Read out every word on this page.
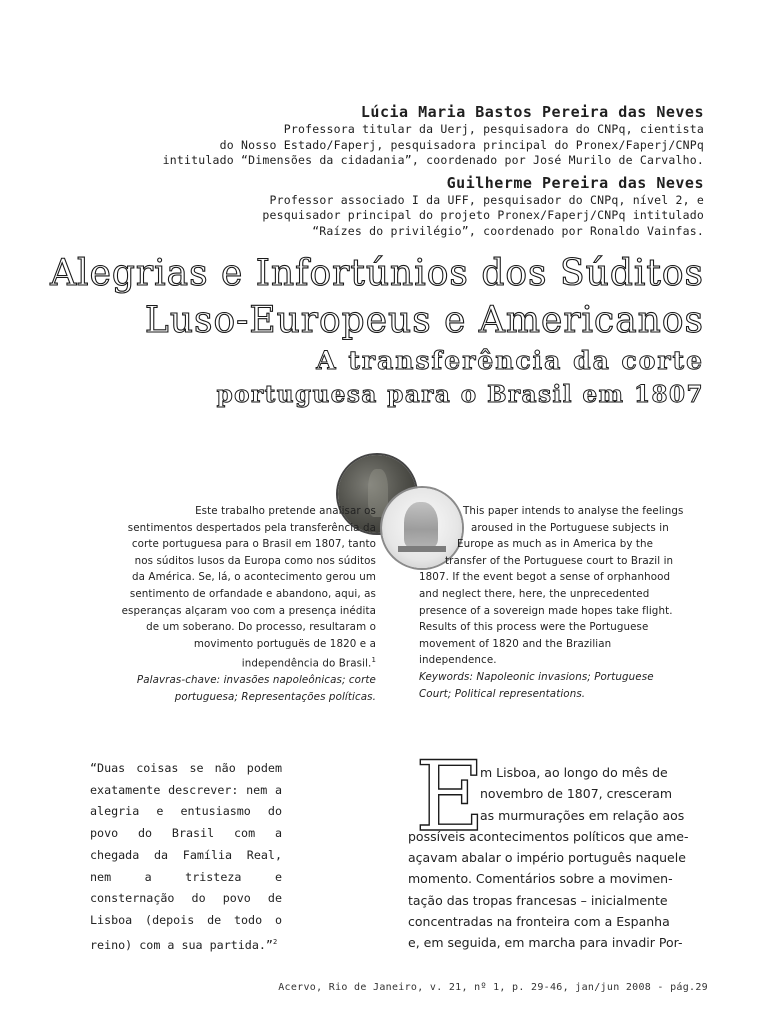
Lúcia Maria Bastos Pereira das Neves

Professora titular da Uerj, pesquisadora do CNPq, cientista

do Nosso Estado/Faperj, pesquisadora principal do Pronex/Faperj/CNPq

intitulado “Dimensões da cidadania”, coordenado por José Murilo de Carvalho.

Guilherme Pereira das Neves

Professor associado I da UFF, pesquisador do CNPq, nível 2, e

pesquisador principal do projeto Pronex/Faperj/CNPq intitulado

“Raízes do privilégio”, coordenado por Ronaldo Vainfas.

Alegrias e Infortúnios dos Súditos
Luso-Europeus e Americanos
A transferência da corte
portuguesa para o Brasil em 1807
Este trabalho pretende analisar os
sentimentos despertados pela transferência da
corte portuguesa para o Brasil em 1807, tanto
nos súditos lusos da Europa como nos súditos
da América. Se, lá, o acontecimento gerou um
sentimento de orfandade e abandono, aqui, as
esperanças alçaram voo com a presença inédita
de um soberano. Do processo, resultaram o
movimento portuguës de 1820 e a
independência do Brasil.$^1$
Palavras-chave: invasões napoleônicas; corte
portuguesa; Representações políticas.
This paper intends to analyse the feelings
aroused in the Portuguese subjects in
Europe as much as in America by the
transfer of the Portuguese court to Brazil in
1807. If the event begot a sense of orphanhood
and neglect there, here, the unprecedented
presence of a sovereign made hopes take flight.
Results of this process were the Portuguese
movement of 1820 and the Brazilian
independence.
Keywords: Napoleonic invasions; Portuguese
Court; Political representations.

“Duas coisas se não podem exatamente descrever: nem a alegria e entusiasmo do povo do Brasil com a chegada da Família Real, nem a tristeza e consternação do povo de Lisboa (depois de todo o reino) com a sua partida.”$^2$

E
m Lisboa, ao longo do mês de
novembro de 1807, cresceram
as murmurações em relação aos
possíveis acontecimentos políticos que ame-
açavam abalar o império português naquele
momento. Comentários sobre a movimen-
tação das tropas francesas – inicialmente
concentradas na fronteira com a Espanha
e, em seguida, em marcha para invadir Por-
Acervo, Rio de Janeiro, v. 21, nº 1, p. 29-46, jan/jun 2008 - pág.29
